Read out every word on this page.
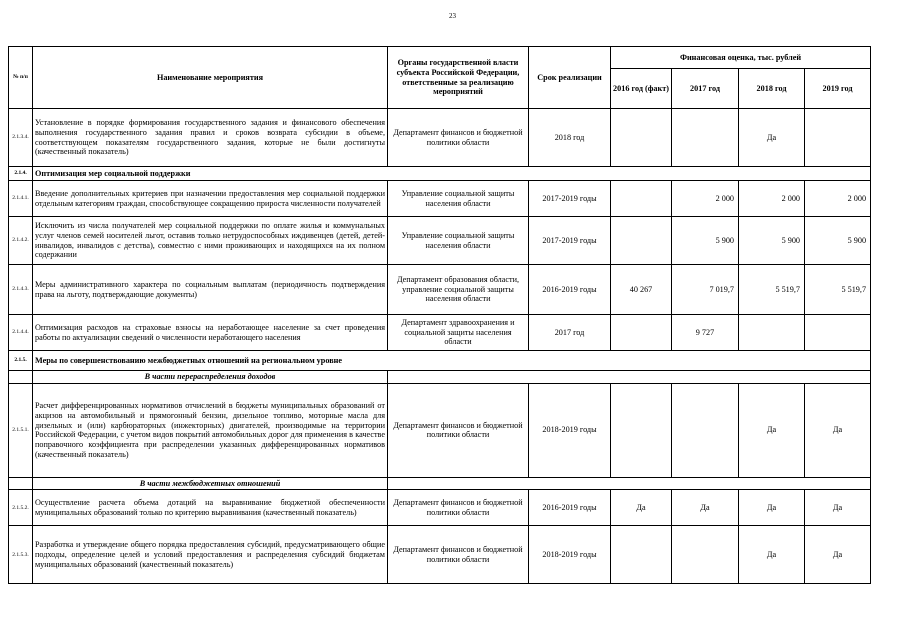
23
№ п/п	Наименование мероприятия	Органы государственной власти субъекта Российской Федерации, ответственные за реализацию мероприятий	Срок реализации	Финансовая оценка, тыс. рублей			
				2016 год (факт)	2017 год	2018 год	2019 год
2.1.3.4.	Установление в порядке формирования государственного задания и финансового обеспечения выполнения государственного задания правил и сроков возврата субсидии в объеме, соответствующем показателям государственного задания, которые не были достигнуты (качественный показатель)	Департамент финансов и бюджетной политики области	2018 год			Да	
2.1.4.	Оптимизация мер социальной поддержки						
2.1.4.1.	Введение дополнительных критериев при назначении предоставления мер социальной поддержки отдельным категориям граждан, способствующее сокращению прироста численности получателей	Управление социальной защиты населения области	2017-2019 годы		2 000	2 000	2 000
2.1.4.2.	Исключить из числа получателей мер социальной поддержки по оплате жилья и коммунальных услуг членов семей носителей льгот, оставив только нетрудоспособных иждивенцев (детей, детей-инвалидов, инвалидов с детства), совместно с ними проживающих и находящихся на их полном содержании	Управление социальной защиты населения области	2017-2019 годы		5 900	5 900	5 900
2.1.4.3.	Меры административного характера по социальным выплатам (периодичность подтверждения права на льготу, подтверждающие документы)	Департамент образования области, управление социальной защиты населения области	2016-2019 годы	40 267	7 019,7	5 519,7	5 519,7
2.1.4.4.	Оптимизация расходов на страховые взносы на неработающее население за счет проведения работы по актуализации сведений о численности неработающего населения	Департамент здравоохранения и социальной защиты населения области	2017 год		9 727		
2.1.5.	Меры по совершенствованию межбюджетных отношений на региональном уровне						
	В части перераспределения доходов						
2.1.5.1.	Расчет дифференцированных нормативов отчислений в бюджеты муниципальных образований от акцизов на автомобильный и прямогонный бензин, дизельное топливо, моторные масла для дизельных и (или) карбюраторных (инжекторных) двигателей, производимые на территории Российской Федерации, с учетом видов покрытий автомобильных дорог для применения в качестве поправочного коэффициента при распределении указанных дифференцированных нормативов (качественный показатель)	Департамент финансов и бюджетной политики области	2018-2019 годы			Да	Да
	В части межбюджетных отношений						
2.1.5.2.	Осуществление расчета объема дотаций на выравнивание бюджетной обеспеченности муниципальных образований только по критерию выравнивания (качественный показатель)	Департамент финансов и бюджетной политики области	2016-2019 годы	Да	Да	Да	Да
2.1.5.3.	Разработка и утверждение общего порядка предоставления субсидий, предусматривающего общие подходы, определение целей и условий предоставления и распределения субсидий бюджетам муниципальных образований (качественный показатель)	Департамент финансов и бюджетной политики области	2018-2019 годы			Да	Да
